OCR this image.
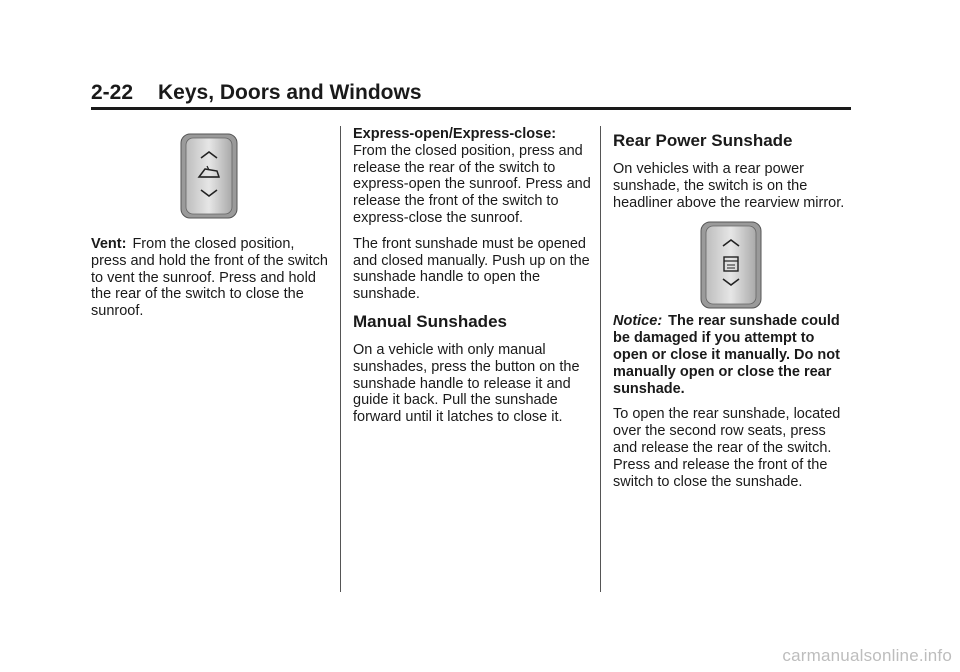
2-22 Keys, Doors and Windows

Vent: From the closed position, press and hold the front of the switch to vent the sunroof. Press and hold the rear of the switch to close the sunroof.

Express-open/Express-close:
From the closed position, press and release the rear of the switch to express-open the sunroof. Press and release the front of the switch to express-close the sunroof.

The front sunshade must be opened and closed manually. Push up on the sunshade handle to open the sunshade.

Manual Sunshades

On a vehicle with only manual sunshades, press the button on the sunshade handle to release it and guide it back. Pull the sunshade forward until it latches to close it.

Rear Power Sunshade

On vehicles with a rear power sunshade, the switch is on the headliner above the rearview mirror.

Notice: The rear sunshade could be damaged if you attempt to open or close it manually. Do not manually open or close the rear sunshade.

To open the rear sunshade, located over the second row seats, press and release the rear of the switch. Press and release the front of the switch to close the sunshade.

carmanualsonline.info
